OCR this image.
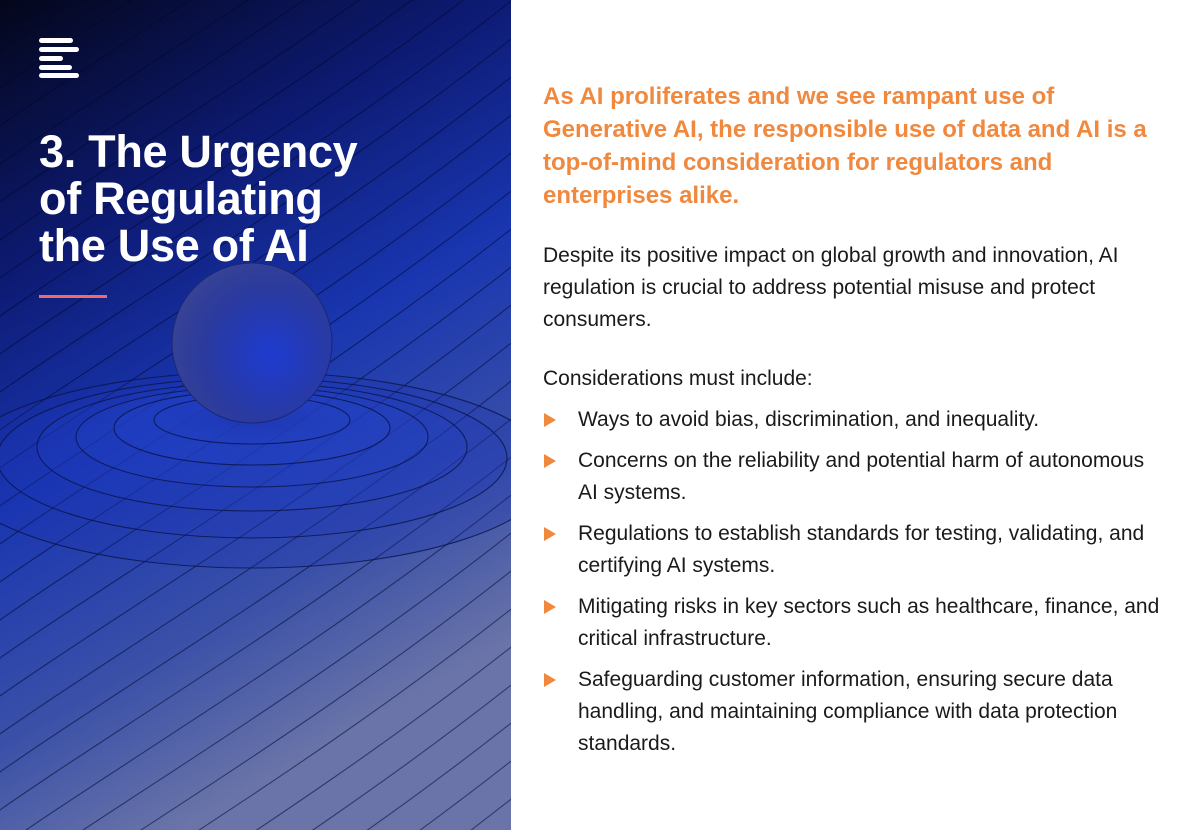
3. The Urgency
of Regulating
the Use of AI

As AI proliferates and we see rampant use of Generative AI, the responsible use of data and AI is a top-of-mind consideration for regulators and enterprises alike.

Despite its positive impact on global growth and innovation, AI regulation is crucial to address potential misuse and protect consumers.

Considerations must include:

Ways to avoid bias, discrimination, and inequality.
Concerns on the reliability and potential harm of autonomous AI systems.
Regulations to establish standards for testing, validating, and certifying AI systems.
Mitigating risks in key sectors such as healthcare, finance, and critical infrastructure.
Safeguarding customer information, ensuring secure data handling, and maintaining compliance with data protection standards.
